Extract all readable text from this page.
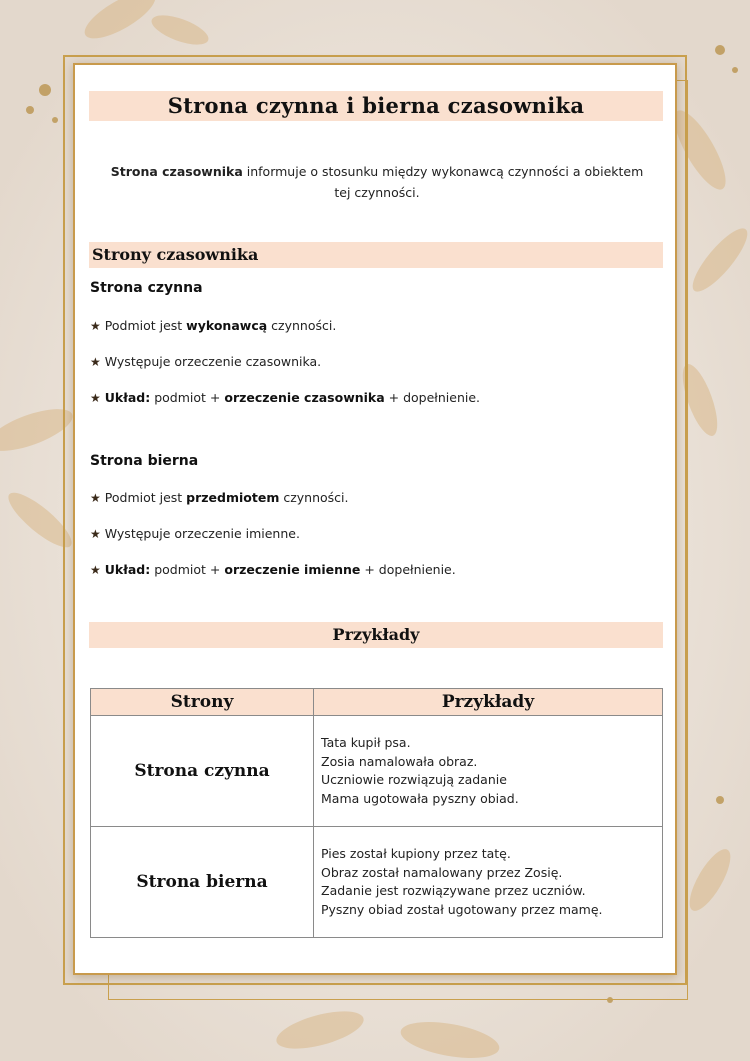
Strona czynna i bierna czasownika
Strona czasownika informuje o stosunku między wykonawcą czynności a obiektem tej czynności.
Strony czasownika
Strona czynna
★ Podmiot jest wykonawcą czynności.
★ Występuje orzeczenie czasownika.
★ Układ: podmiot + orzeczenie czasownika + dopełnienie.
Strona bierna
★ Podmiot jest przedmiotem czynności.
★ Występuje orzeczenie imienne.
★ Układ: podmiot + orzeczenie imienne + dopełnienie.
Przykłady
Strony	Przykłady
Strona czynna	Tata kupił psa.
Zosia namalowała obraz.
Uczniowie rozwiązują zadanie
Mama ugotowała pyszny obiad.

Strona bierna	Pies został kupiony przez tatę.
Obraz został namalowany przez Zosię.
Zadanie jest rozwiązywane przez uczniów.
Pyszny obiad został ugotowany przez mamę.
